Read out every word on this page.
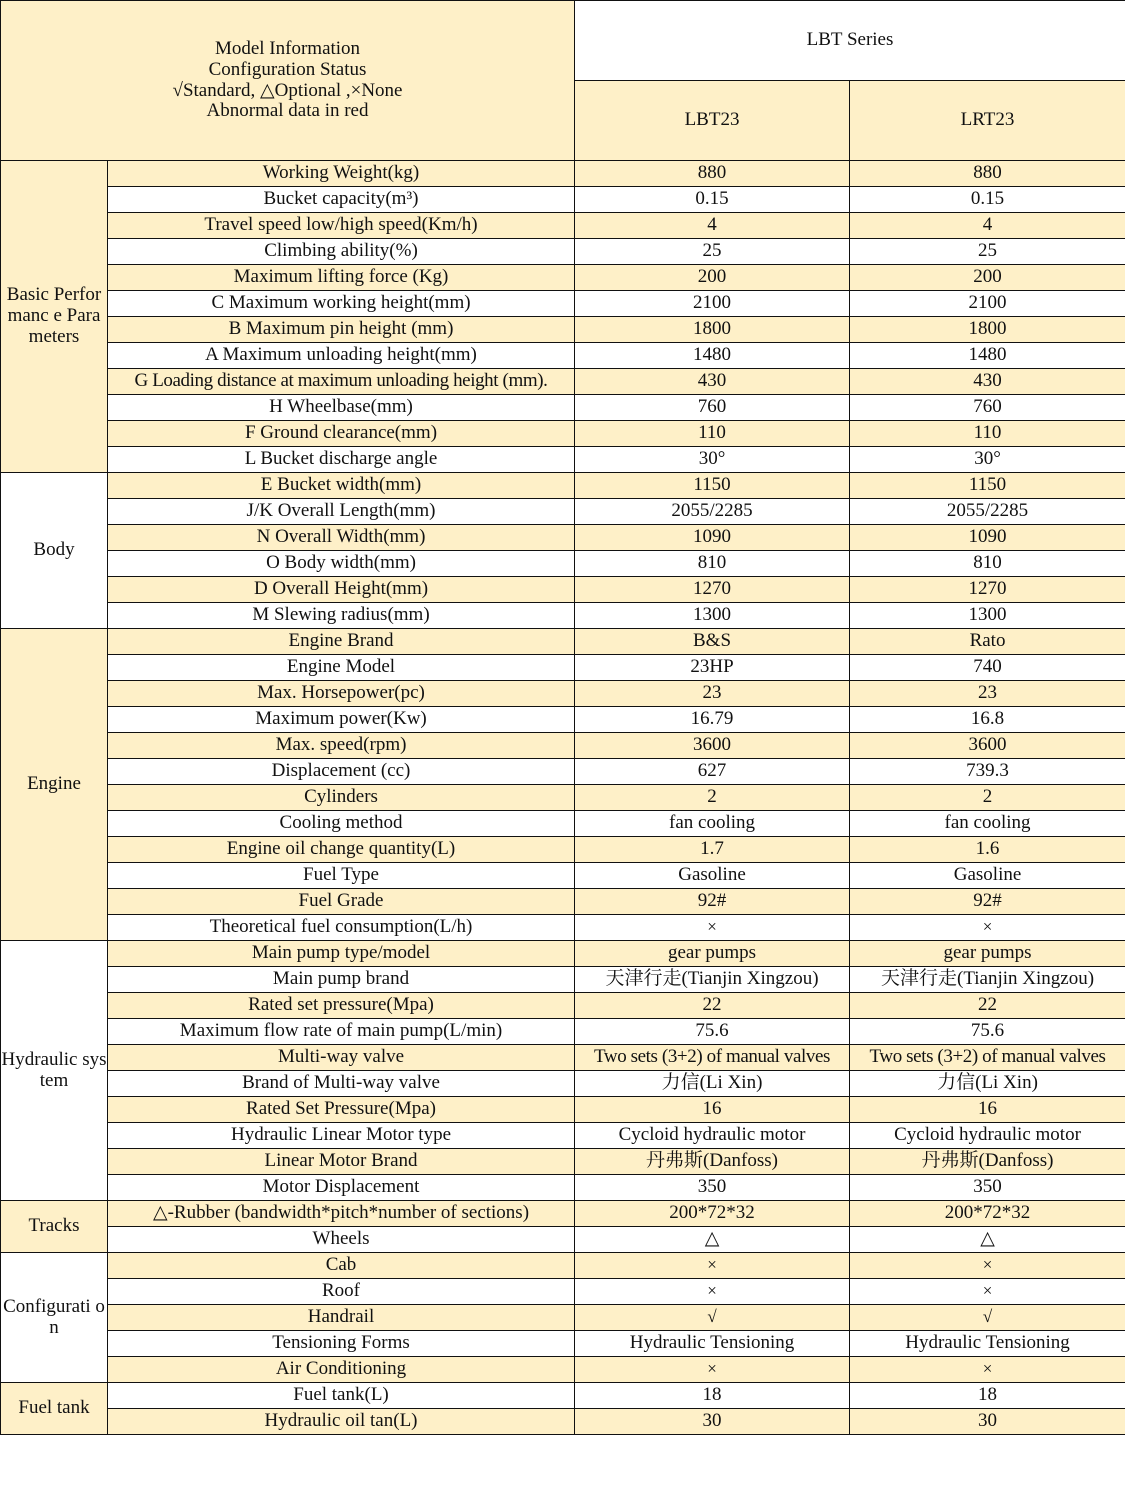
Model Information
Configuration Status
√Standard, △Optional ,×None
Abnormal data in red		LBT Series	
		LBT23	LRT23
Basic Performanc e Parameters	Working Weight(kg)	880	880
	Bucket capacity(m³)	0.15	0.15
	Travel speed low/high speed(Km/h)	4	4
	Climbing ability(%)	25	25
	Maximum lifting force (Kg)	200	200
	C Maximum working height(mm)	2100	2100
	B Maximum pin height (mm)	1800	1800
	A Maximum unloading height(mm)	1480	1480
	G Loading distance at maximum unloading height (mm).	430	430
	H Wheelbase(mm)	760	760
	F Ground clearance(mm)	110	110
	L Bucket discharge angle	30°	30°
Body	E Bucket width(mm)	1150	1150
	J/K Overall Length(mm)	2055/2285	2055/2285
	N Overall Width(mm)	1090	1090
	O Body width(mm)	810	810
	D Overall Height(mm)	1270	1270
	M Slewing radius(mm)	1300	1300
Engine	Engine Brand	B&S	Rato
	Engine Model	23HP	740
	Max. Horsepower(pc)	23	23
	Maximum power(Kw)	16.79	16.8
	Max. speed(rpm)	3600	3600
	Displacement (cc)	627	739.3
	Cylinders	2	2
	Cooling method	fan cooling	fan cooling
	Engine oil change quantity(L)	1.7	1.6
	Fuel Type	Gasoline	Gasoline
	Fuel Grade	92#	92#
	Theoretical fuel consumption(L/h)	×	×
Hydraulic system	Main pump type/model	gear pumps	gear pumps
	Main pump brand	天津行走(Tianjin Xingzou)	天津行走(Tianjin Xingzou)
	Rated set pressure(Mpa)	22	22
	Maximum flow rate of main pump(L/min)	75.6	75.6
	Multi-way valve	Two sets (3+2) of manual valves	Two sets (3+2) of manual valves
	Brand of Multi-way valve	力信(Li Xin)	力信(Li Xin)
	Rated Set Pressure(Mpa)	16	16
	Hydraulic Linear Motor type	Cycloid hydraulic motor	Cycloid hydraulic motor
	Linear Motor Brand	丹弗斯(Danfoss)	丹弗斯(Danfoss)
	Motor Displacement	350	350
Tracks	△-Rubber (bandwidth*pitch*number of sections)	200*72*32	200*72*32
	Wheels	△	△
Configurati on	Cab	×	×
	Roof	×	×
	Handrail	√	√
	Tensioning Forms	Hydraulic Tensioning	Hydraulic Tensioning
	Air Conditioning	×	×
Fuel tank	Fuel tank(L)	18	18
	Hydraulic oil tan(L)	30	30
